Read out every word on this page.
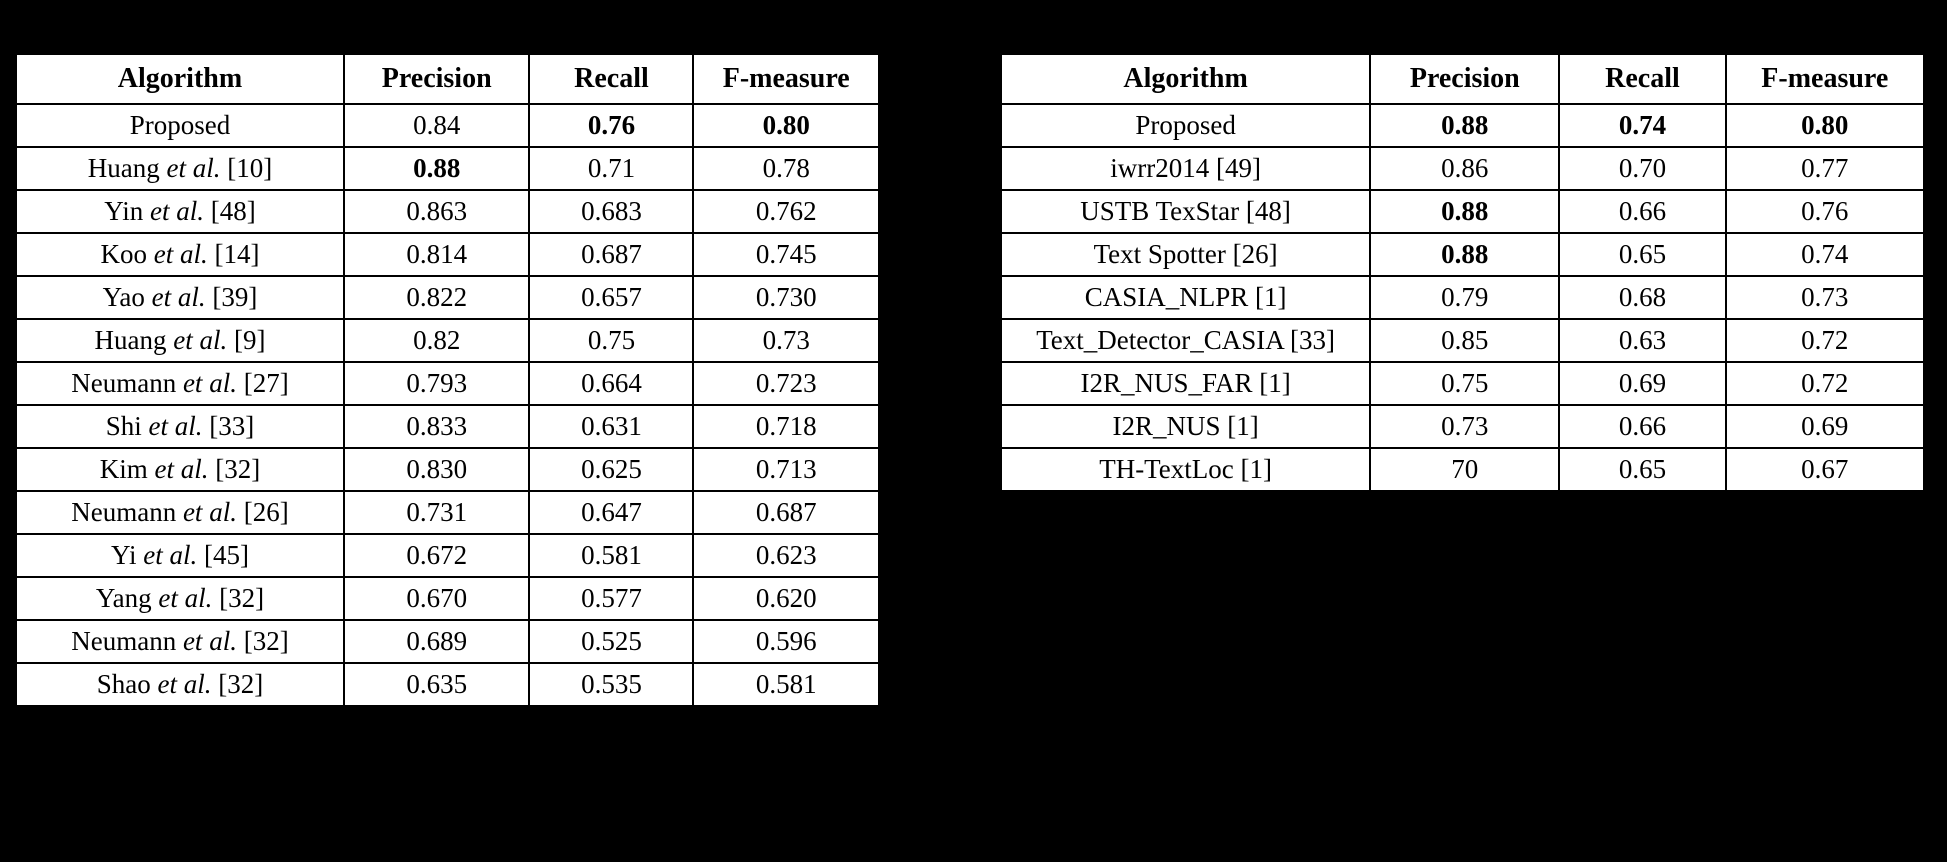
Algorithm	Precision	Recall	F-measure
Proposed	0.84	0.76	0.80
Huang et al. [10]	0.88	0.71	0.78
Yin et al. [48]	0.863	0.683	0.762
Koo et al. [14]	0.814	0.687	0.745
Yao et al. [39]	0.822	0.657	0.730
Huang et al. [9]	0.82	0.75	0.73
Neumann et al. [27]	0.793	0.664	0.723
Shi et al. [33]	0.833	0.631	0.718
Kim et al. [32]	0.830	0.625	0.713
Neumann et al. [26]	0.731	0.647	0.687
Yi et al. [45]	0.672	0.581	0.623
Yang et al. [32]	0.670	0.577	0.620
Neumann et al. [32]	0.689	0.525	0.596
Shao et al. [32]	0.635	0.535	0.581
Algorithm	Precision	Recall	F-measure
Proposed	0.88	0.74	0.80
iwrr2014 [49]	0.86	0.70	0.77
USTB TexStar [48]	0.88	0.66	0.76
Text Spotter [26]	0.88	0.65	0.74
CASIA_NLPR [1]	0.79	0.68	0.73
Text_Detector_CASIA [33]	0.85	0.63	0.72
I2R_NUS_FAR [1]	0.75	0.69	0.72
I2R_NUS [1]	0.73	0.66	0.69
TH-TextLoc [1]	70	0.65	0.67
